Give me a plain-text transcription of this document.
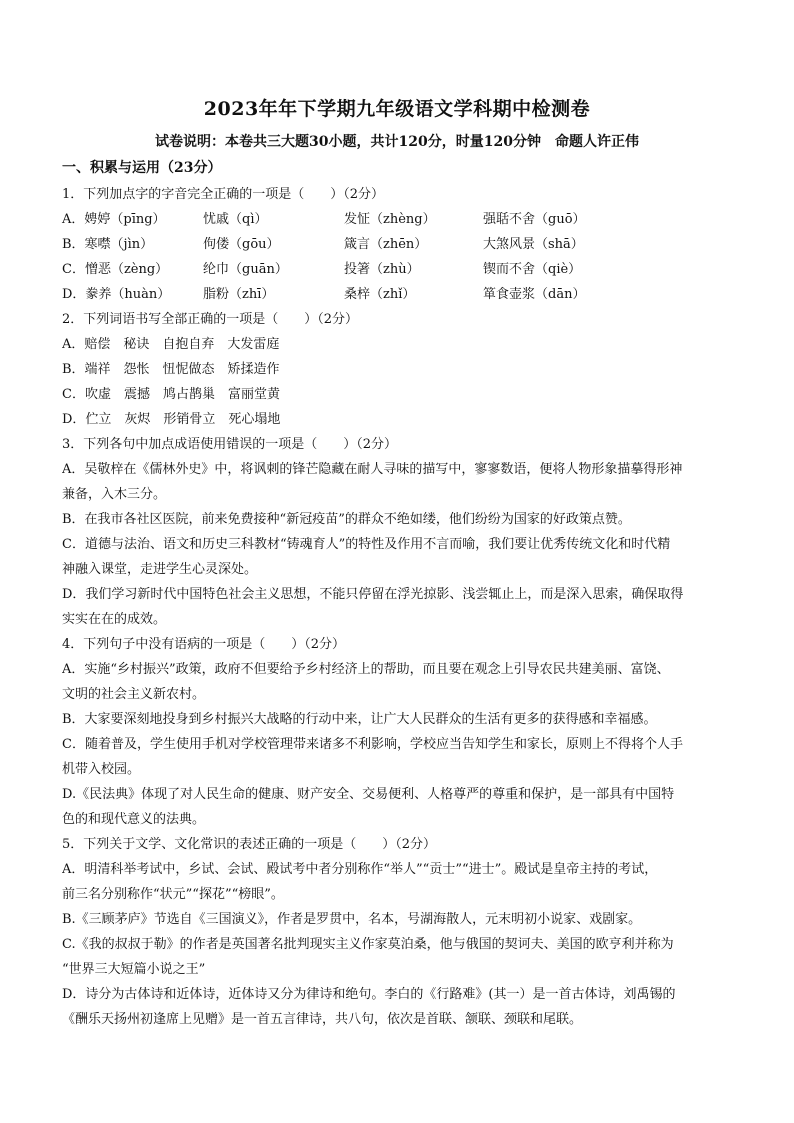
2023年年下学期九年级语文学科期中检测卷
试卷说明：本卷共三大题30小题，共计120分，时量120分钟　命题人许正伟
一、积累与运用（23分）
1．下列加点字的字音完全正确的一项是（　　）（2分）
A．娉婷（pīng）	忧戚（qì）	发怔（zhèng）	强聒不舍（guō）
B．寒噤（jìn）	佝偻（gōu）	箴言（zhēn）	大煞风景（shā）
C．憎恶（zèng）	纶巾（guān）	投箸（zhù）	锲而不舍（qiè）
D．豢养（huàn）	脂粉（zhī）	桑梓（zhǐ）	箪食壶浆（dān）
2．下列词语书写全部正确的一项是（　　）（2分）
A．赔偿　秘诀　自抱自弃　大发雷庭
B．端祥　怨怅　忸怩做态　矫揉造作
C．吹虚　震撼　鸠占鹊巢　富丽堂黄
D．伫立　灰烬　形销骨立　死心塌地
3．下列各句中加点成语使用错误的一项是（　　）（2分）
A．吴敬梓在《儒林外史》中，将讽刺的锋芒隐藏在耐人寻味的描写中，寥寥数语，便将人物形象描摹得形神
兼备，入木三分。
B．在我市各社区医院，前来免费接种“新冠疫苗”的群众不绝如缕，他们纷纷为国家的好政策点赞。
C．道德与法治、语文和历史三科教材“铸魂育人”的特性及作用不言而喻，我们要让优秀传统文化和时代精
神融入课堂，走进学生心灵深处。
D．我们学习新时代中国特色社会主义思想，不能只停留在浮光掠影、浅尝辄止上，而是深入思索，确保取得
实实在在的成效。
4．下列句子中没有语病的一项是（　　）（2分）
A．实施“乡村振兴”政策，政府不但要给予乡村经济上的帮助，而且要在观念上引导农民共建美丽、富饶、
文明的社会主义新农村。
B．大家要深刻地投身到乡村振兴大战略的行动中来，让广大人民群众的生活有更多的获得感和幸福感。
C．随着普及，学生使用手机对学校管理带来诸多不利影响，学校应当告知学生和家长，原则上不得将个人手
机带入校园。
D.《民法典》体现了对人民生命的健康、财产安全、交易便利、人格尊严的尊重和保护，是一部具有中国特
色的和现代意义的法典。
5．下列关于文学、文化常识的表述正确的一项是（　　）（2分）
A．明清科举考试中，乡试、会试、殿试考中者分别称作“举人”“贡士”“进士”。殿试是皇帝主持的考试，
前三名分别称作“状元”“探花”“榜眼”。
B.《三顾茅庐》节选自《三国演义》，作者是罗贯中，名本，号湖海散人，元末明初小说家、戏剧家。
C.《我的叔叔于勒》的作者是英国著名批判现实主义作家莫泊桑，他与俄国的契诃夫、美国的欧亨利并称为
“世界三大短篇小说之王”
D．诗分为古体诗和近体诗，近体诗又分为律诗和绝句。李白的《行路难》(其一）是一首古体诗，刘禹锡的
《酬乐天扬州初逢席上见赠》是一首五言律诗，共八句，依次是首联、颔联、颈联和尾联。
